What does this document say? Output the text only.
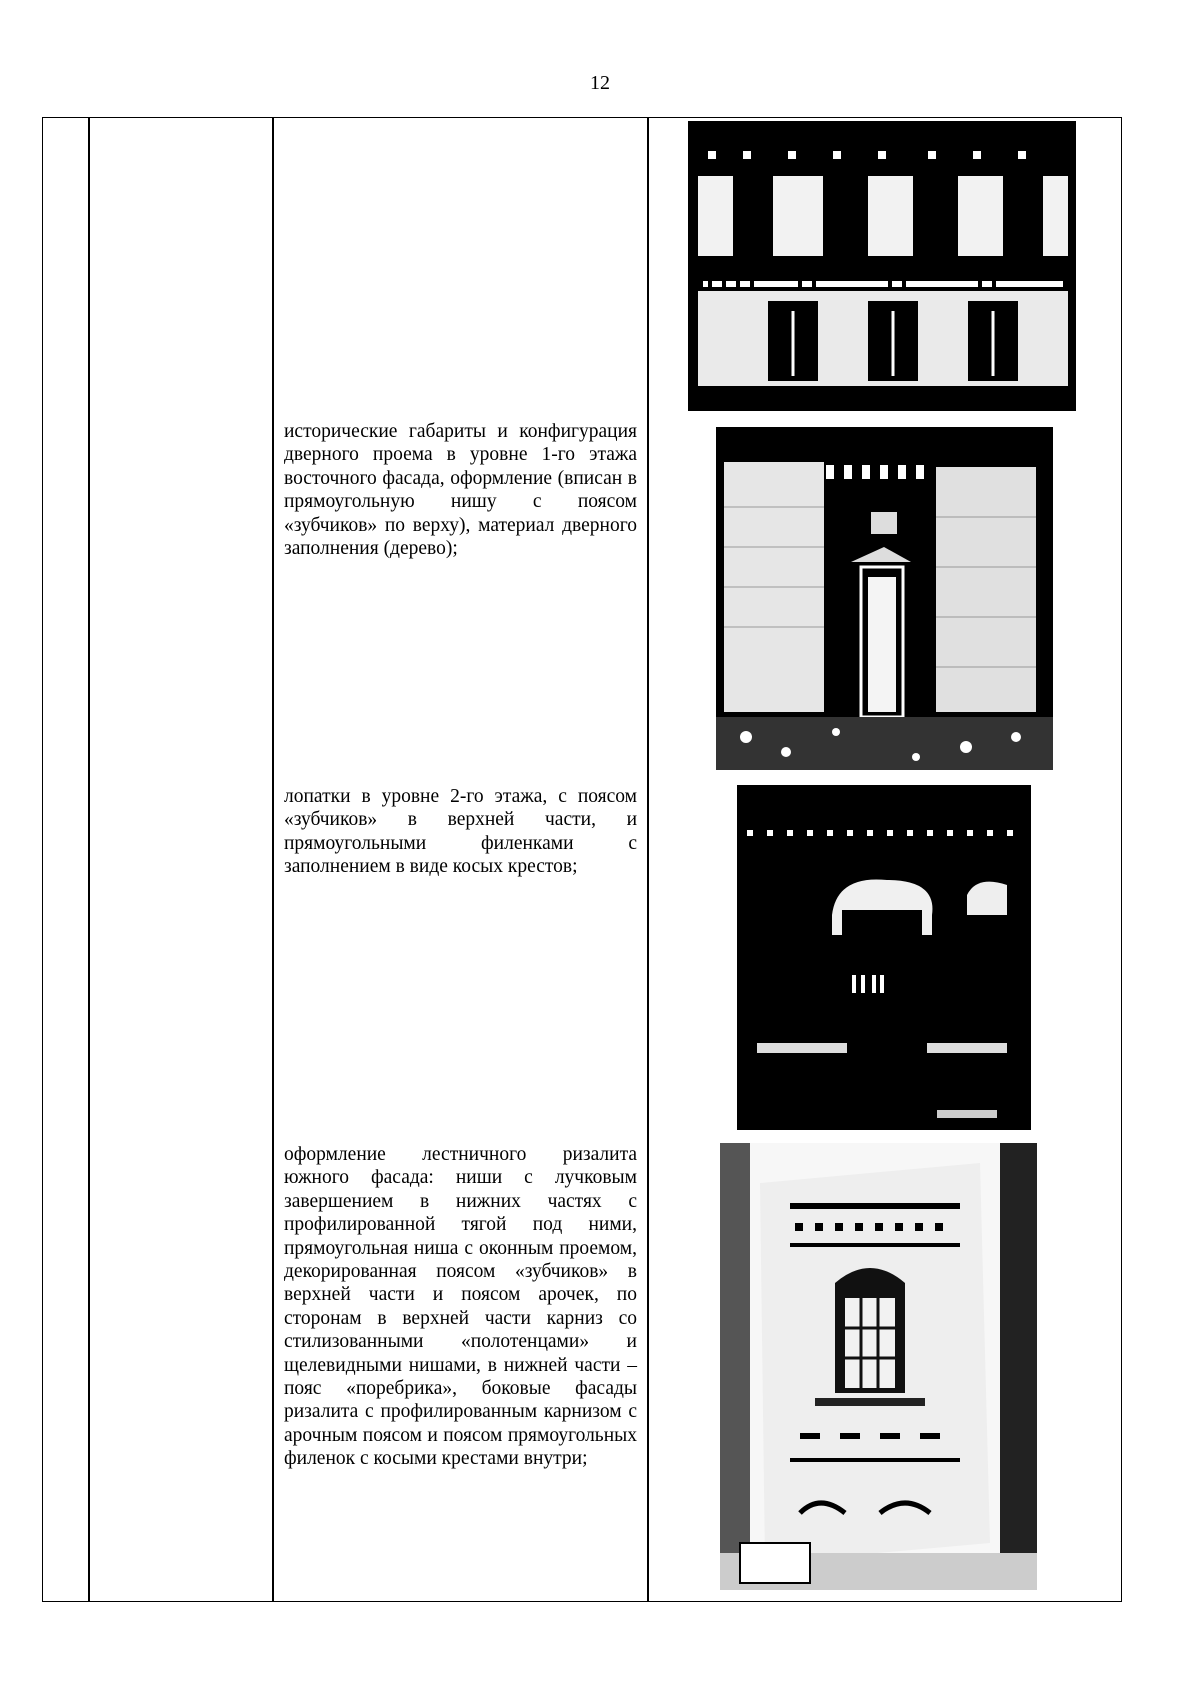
12
исторические габариты и конфигурация дверного проема в уровне 1-го этажа восточного фасада, оформление (вписан в прямоугольную нишу с поясом «зубчиков» по верху), материал дверного заполнения (дерево);
лопатки в уровне 2-го этажа, с поясом «зубчиков» в верхней части, и прямоугольными филенками с заполнением в виде косых крестов;
оформление лестничного ризалита южного фасада: ниши с лучковым завершением в нижних частях с профилированной тягой под ними, прямоугольная ниша с оконным проемом, декорированная поясом «зубчиков» в верхней части и поясом арочек, по сторонам в верхней части карниз со стилизованными «полотенцами» и щелевидными нишами, в нижней части – пояс «поребрика», боковые фасады ризалита с профилированным карнизом с арочным поясом и поясом прямоугольных филенок с косыми крестами внутри;
